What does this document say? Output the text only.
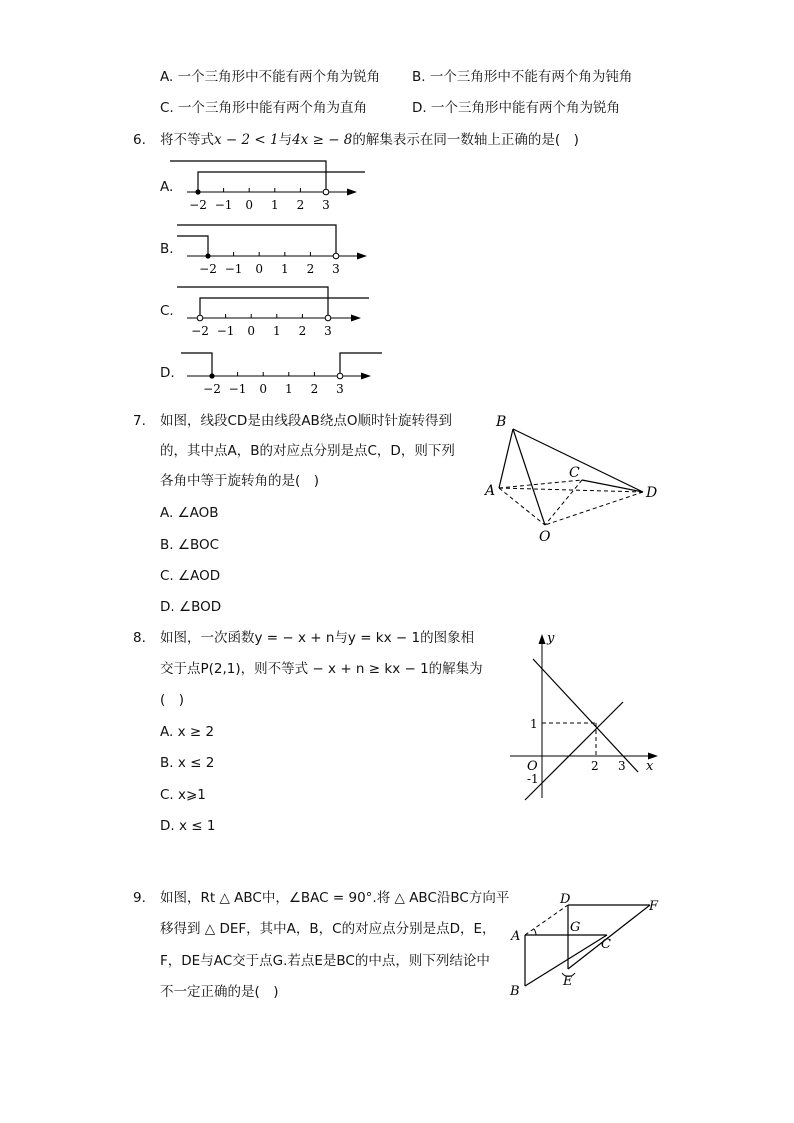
A. 一个三角形中不能有两个角为锐角 B. 一个三角形中不能有两个角为钝角
C. 一个三角形中能有两个角为直角	D. 一个三角形中能有两个角为锐角
6. 将不等式x − 2 < 1与4x ≥ − 8的解集表示在同一数轴上正确的是(　)
A.
−2 −1 0 1 2 3
B.
−2 −1 0 1 2 3
C.
−2 −1 0 1 2 3
D.
−2 −1 0 1 2 3
7. 如图，线段CD是由线段AB绕点O顺时针旋转得到
的，其中点A，B的对应点分别是点C，D，则下列
各角中等于旋转角的是(　)
A. ∠AOB
B. ∠BOC
C. ∠AOD
D. ∠BOD
B
A
C
D
O
8. 如图，一次函数y = − x + n与y = kx − 1的图象相
交于点P(2,1)，则不等式 − x + n ≥ kx − 1的解集为
(　)
A. x ≥ 2
B. x ≤ 2
C. x⩾1
D. x ≤ 1
y
x
O
1
-1
2 3
9. 如图，Rt △ ABC中，∠BAC = 90°.将 △ ABC沿BC方向平
移得到 △ DEF，其中A，B，C的对应点分别是点D，E，
F，DE与AC交于点G.若点E是BC的中点，则下列结论中
不一定正确的是(　)
D	F
A
G
C
E
B
